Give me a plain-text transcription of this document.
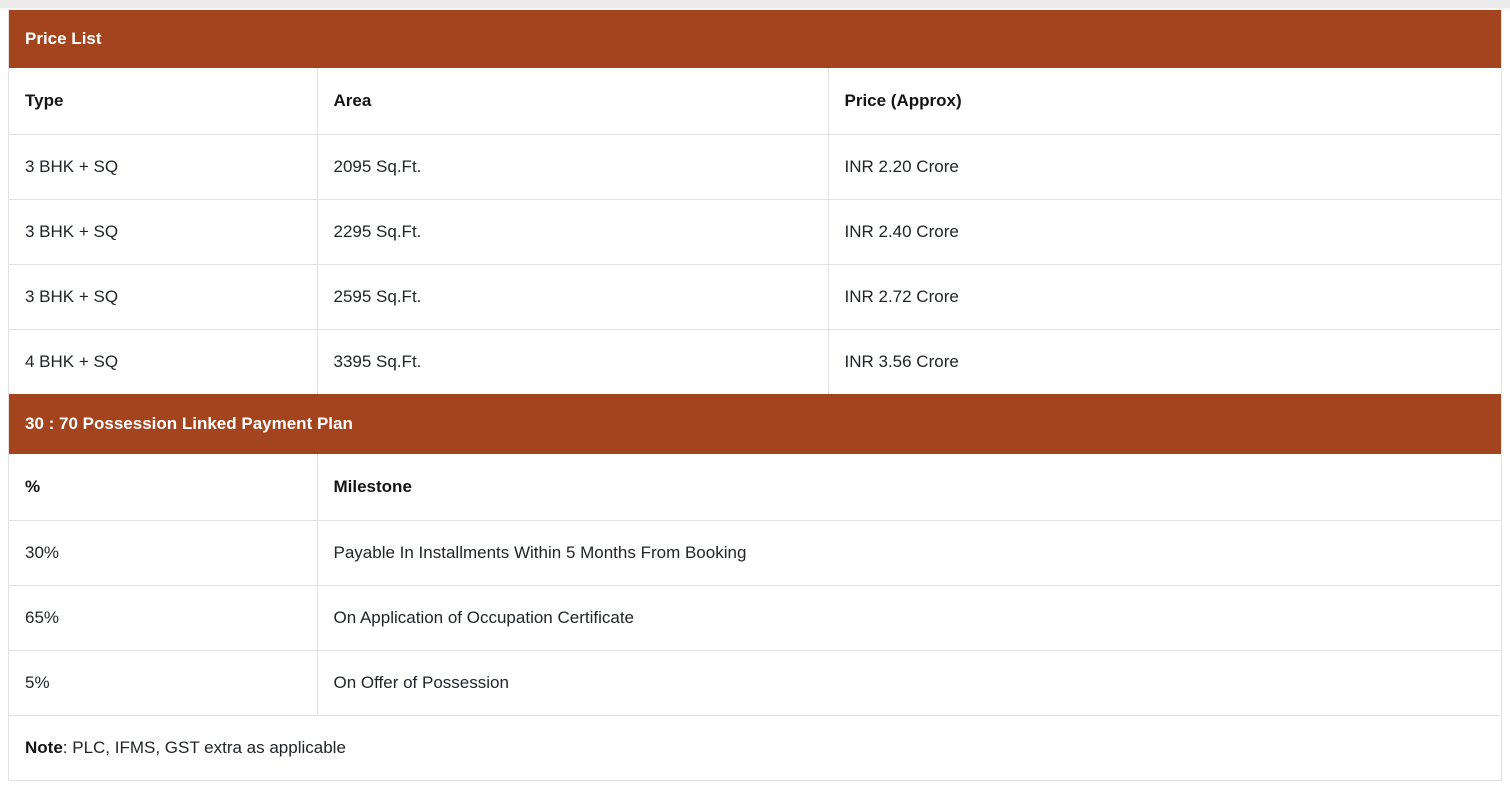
Price List
Type	Area	Price (Approx)
3 BHK + SQ	2095 Sq.Ft.	INR 2.20 Crore
3 BHK + SQ	2295 Sq.Ft.	INR 2.40 Crore
3 BHK + SQ	2595 Sq.Ft.	INR 2.72 Crore
4 BHK + SQ	3395 Sq.Ft.	INR 3.56 Crore
30 : 70 Possession Linked Payment Plan
%	Milestone
30%	Payable In Installments Within 5 Months From Booking
65%	On Application of Occupation Certificate
5%	On Offer of Possession
Note : PLC, IFMS, GST extra as applicable
